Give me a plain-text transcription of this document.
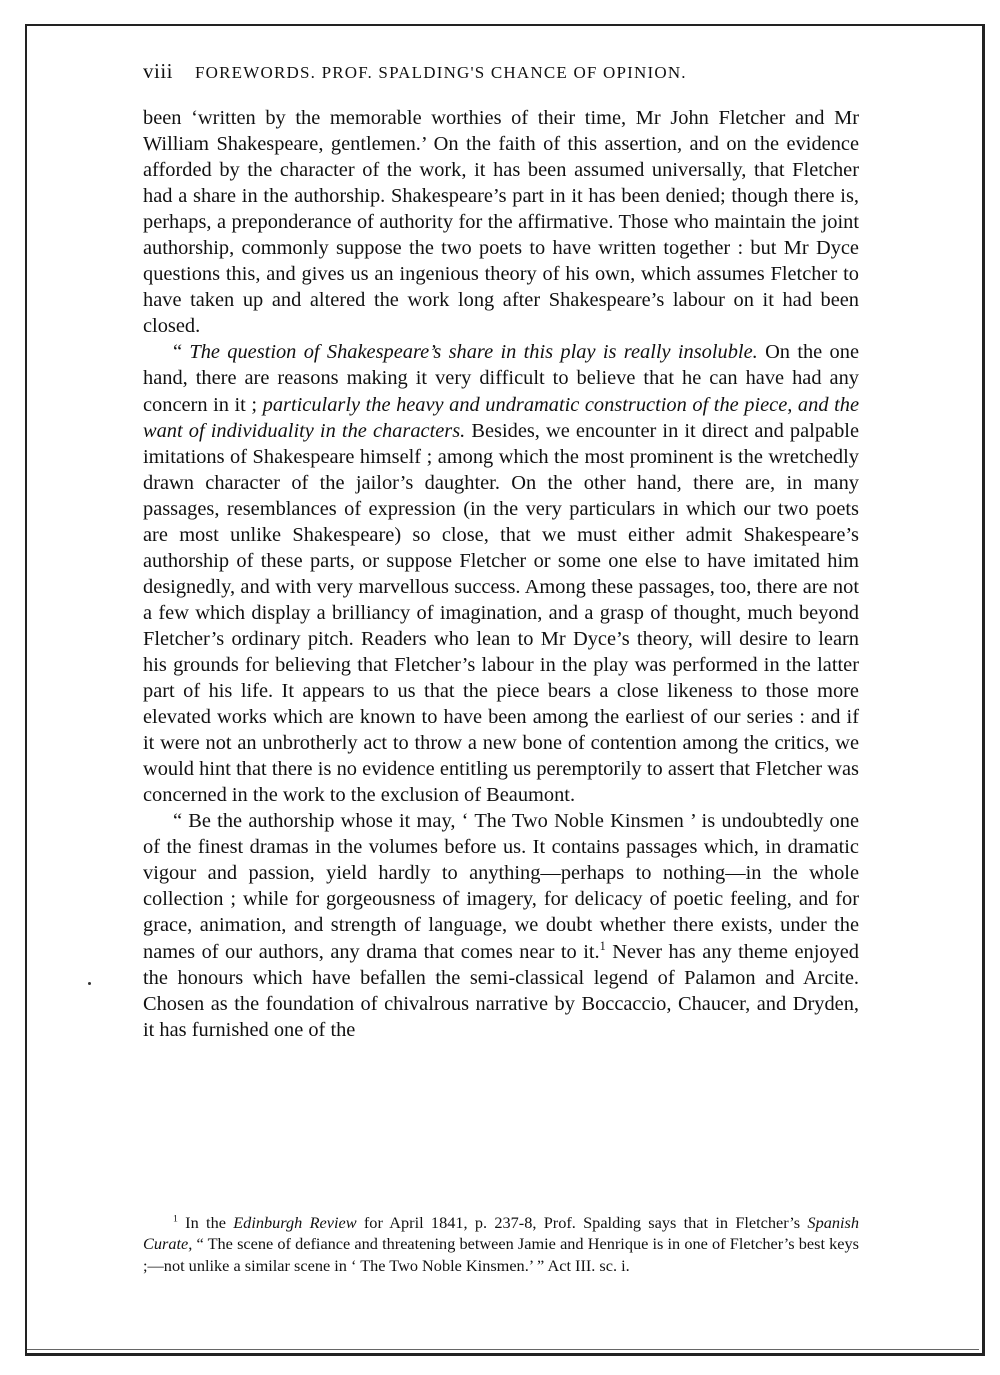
viii FOREWORDS. PROF. SPALDING'S CHANCE OF OPINION.

been ‘written by the memorable worthies of their time, Mr John Fletcher and Mr William Shakespeare, gentlemen.’ On the faith of this assertion, and on the evidence afforded by the character of the work, it has been assumed universally, that Fletcher had a share in the authorship. Shakespeare’s part in it has been denied; though there is, perhaps, a preponderance of authority for the affirmative. Those who maintain the joint authorship, commonly suppose the two poets to have written together : but Mr Dyce questions this, and gives us an ingenious theory of his own, which assumes Fletcher to have taken up and altered the work long after Shakespeare’s labour on it had been closed.

“ The question of Shakespeare’s share in this play is really insoluble. On the one hand, there are reasons making it very difficult to believe that he can have had any concern in it ; particularly the heavy and undramatic construction of the piece, and the want of individuality in the characters. Besides, we encounter in it direct and palpable imitations of Shakespeare himself ; among which the most prominent is the wretchedly drawn character of the jailor’s daughter. On the other hand, there are, in many passages, resemblances of expression (in the very particulars in which our two poets are most unlike Shakespeare) so close, that we must either admit Shakespeare’s authorship of these parts, or suppose Fletcher or some one else to have imitated him designedly, and with very marvellous success. Among these passages, too, there are not a few which display a brilliancy of imagination, and a grasp of thought, much beyond Fletcher’s ordinary pitch. Readers who lean to Mr Dyce’s theory, will desire to learn his grounds for believing that Fletcher’s labour in the play was performed in the latter part of his life. It appears to us that the piece bears a close likeness to those more elevated works which are known to have been among the earliest of our series : and if it were not an unbrotherly act to throw a new bone of contention among the critics, we would hint that there is no evidence entitling us peremptorily to assert that Fletcher was concerned in the work to the exclusion of Beaumont.

“ Be the authorship whose it may, ‘ The Two Noble Kinsmen ’ is undoubtedly one of the finest dramas in the volumes before us. It contains passages which, in dramatic vigour and passion, yield hardly to anything—perhaps to nothing—in the whole collection ; while for gorgeousness of imagery, for delicacy of poetic feeling, and for grace, animation, and strength of language, we doubt whether there exists, under the names of our authors, any drama that comes near to it.$^1$ Never has any theme enjoyed the honours which have befallen the semi-classical legend of Palamon and Arcite. Chosen as the foundation of chivalrous narrative by Boccaccio, Chaucer, and Dryden, it has furnished one of the

$^1$ In the Edinburgh Review for April 1841, p. 237-8, Prof. Spalding says that in Fletcher’s Spanish Curate, “ The scene of defiance and threatening between Jamie and Henrique is in one of Fletcher’s best keys ;—not unlike a similar scene in ‘ The Two Noble Kinsmen.’ ” Act III. sc. i.
